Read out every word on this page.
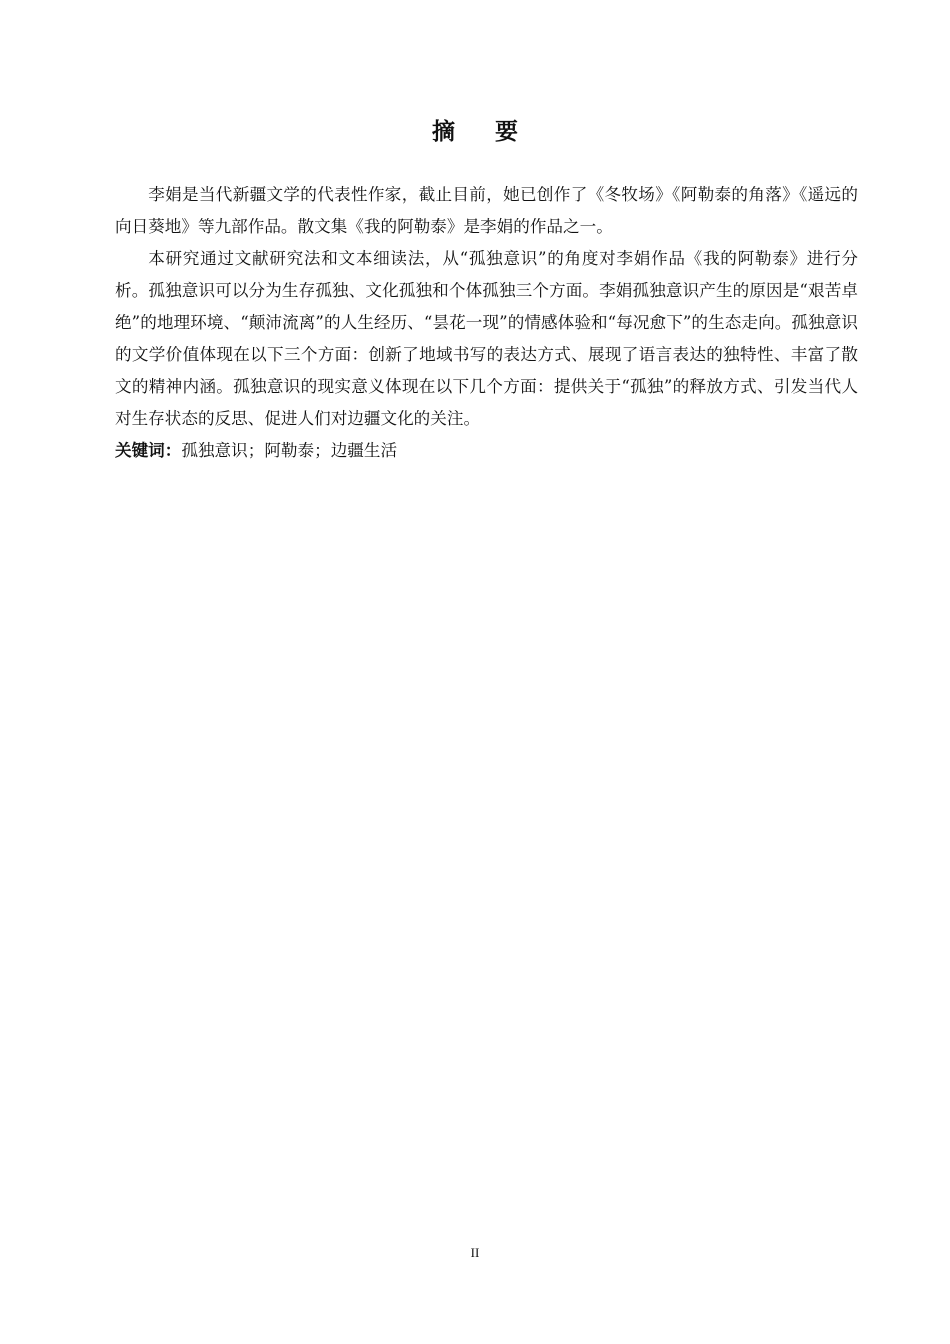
摘 要

李娟是当代新疆文学的代表性作家，截止目前，她已创作了《冬牧场》《阿勒泰的角落》《遥远的向日葵地》等九部作品。散文集《我的阿勒泰》是李娟的作品之一。

本研究通过文献研究法和文本细读法，从“孤独意识”的角度对李娟作品《我的阿勒泰》进行分析。孤独意识可以分为生存孤独、文化孤独和个体孤独三个方面。李娟孤独意识产生的原因是“艰苦卓绝”的地理环境、“颠沛流离”的人生经历、“昙花一现”的情感体验和“每况愈下”的生态走向。孤独意识的文学价值体现在以下三个方面：创新了地域书写的表达方式、展现了语言表达的独特性、丰富了散文的精神内涵。孤独意识的现实意义体现在以下几个方面：提供关于“孤独”的释放方式、引发当代人对生存状态的反思、促进人们对边疆文化的关注。

关键词：孤独意识；阿勒泰；边疆生活

II
